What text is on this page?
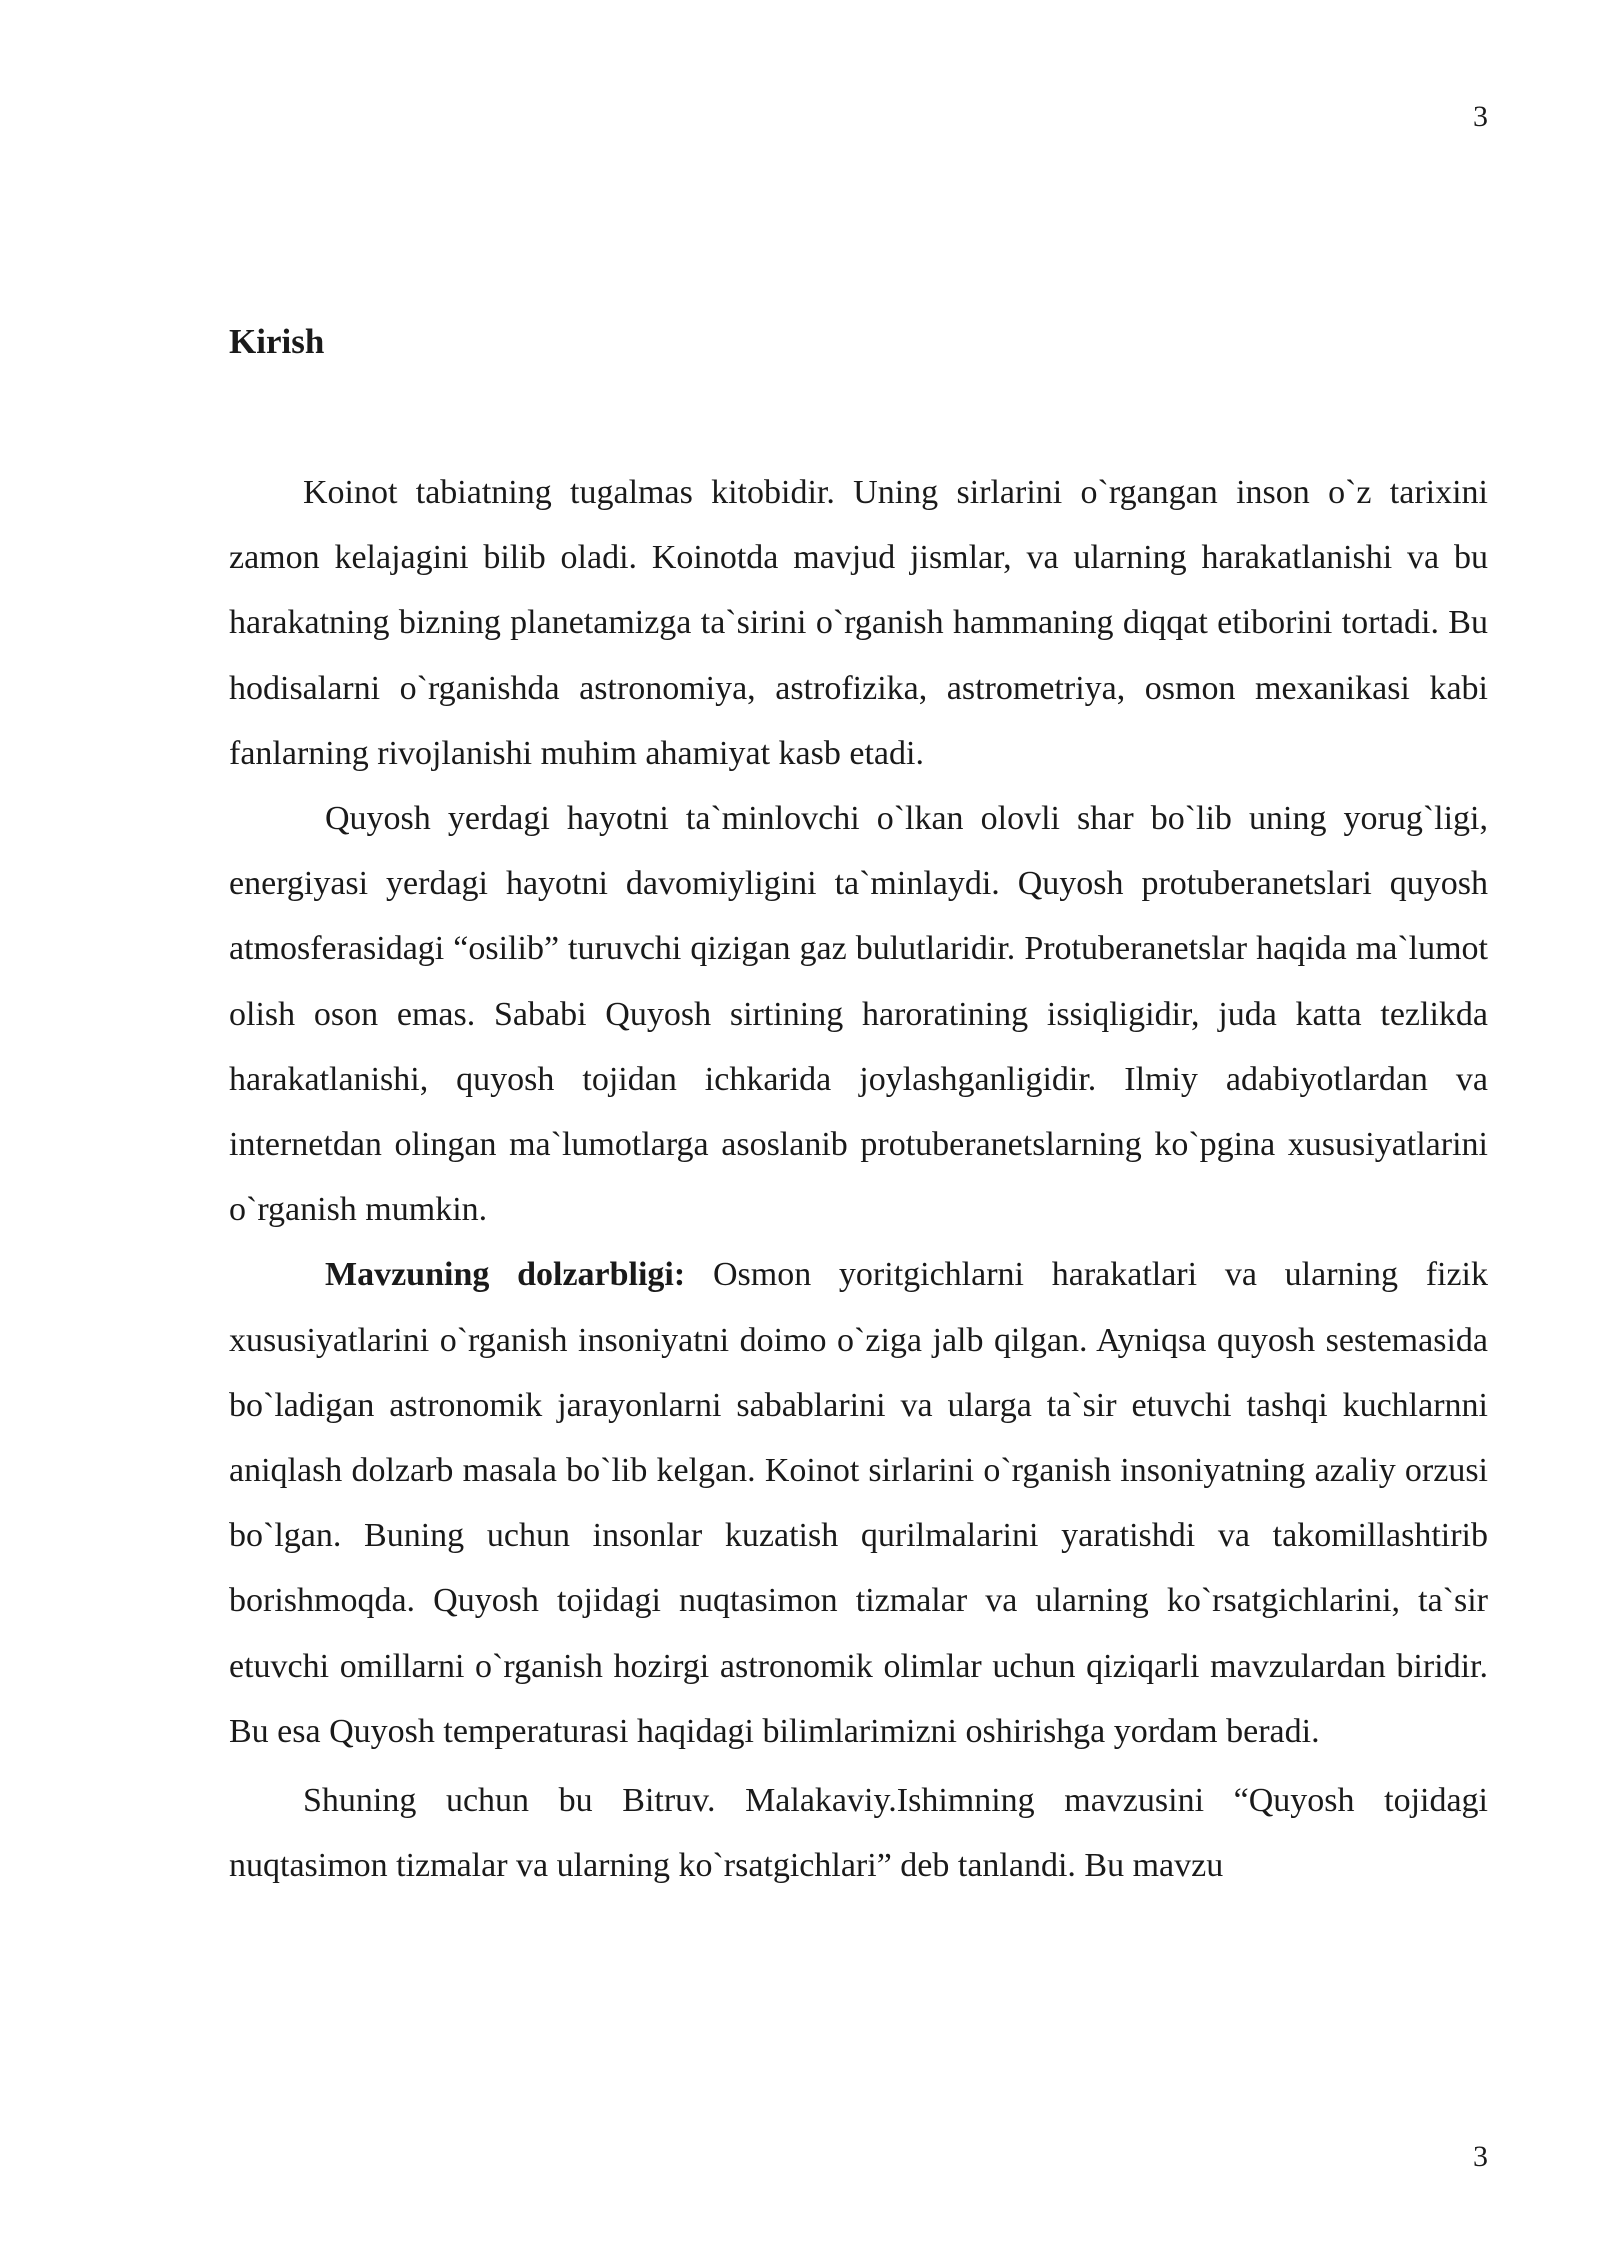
3
Kirish

Koinot tabiatning tugalmas kitobidir. Uning sirlarini o`rgangan inson o`z tarixini zamon kelajagini bilib oladi. Koinotda mavjud jismlar, va ularning harakatlanishi va bu harakatning bizning planetamizga ta`sirini o`rganish hammaning diqqat etiborini tortadi. Bu hodisalarni o`rganishda astronomiya, astrofizika, astrometriya, osmon mexanikasi kabi fanlarning rivojlanishi muhim ahamiyat kasb etadi.

Quyosh yerdagi hayotni ta`minlovchi o`lkan olovli shar bo`lib uning yorug`ligi, energiyasi yerdagi hayotni davomiyligini ta`minlaydi. Quyosh protuberanetslari quyosh atmosferasidagi “osilib” turuvchi qizigan gaz bulutlaridir. Protuberanetslar haqida ma`lumot olish oson emas. Sababi Quyosh sirtining haroratining issiqligidir, juda katta tezlikda harakatlanishi, quyosh tojidan ichkarida joylashganligidir. Ilmiy adabiyotlardan va internetdan olingan ma`lumotlarga asoslanib protuberanetslarning ko`pgina xususiyatlarini o`rganish mumkin.

Mavzuning dolzarbligi: Osmon yoritgichlarni harakatlari va ularning fizik xususiyatlarini o`rganish insoniyatni doimo o`ziga jalb qilgan. Ayniqsa quyosh sestemasida bo`ladigan astronomik jarayonlarni sabablarini va ularga ta`sir etuvchi tashqi kuchlarnni aniqlash dolzarb masala bo`lib kelgan. Koinot sirlarini o`rganish insoniyatning azaliy orzusi bo`lgan. Buning uchun insonlar kuzatish qurilmalarini yaratishdi va takomillashtirib borishmoqda. Quyosh tojidagi nuqtasimon tizmalar va ularning ko`rsatgichlarini, ta`sir etuvchi omillarni o`rganish hozirgi astronomik olimlar uchun qiziqarli mavzulardan biridir. Bu esa Quyosh temperaturasi haqidagi bilimlarimizni oshirishga yordam beradi.

Shuning uchun bu Bitruv. Malakaviy.Ishimning mavzusini “Quyosh tojidagi nuqtasimon tizmalar va ularning ko`rsatgichlari” deb tanlandi. Bu mavzu

3
